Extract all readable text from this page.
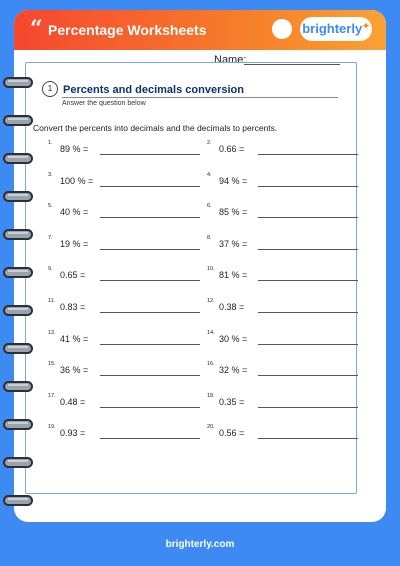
“ Percentage Worksheets	brighterly✦
Name:
1 Percents and decimals conversion
Answer the question below
Convert the percents into decimals and the decimals to percents.
1.
89 % =
2.
0.66 =
3.
100 % =
4.
94 % =
5.
40 % =
6.
85 % =
7.
19 % =
8.
37 % =
9.
0.65 =
10.
81 % =
11.
0.83 =
12.
0.38 =
13.
41 % =
14.
30 % =
15.
36 % =
16.
32 % =
17.
0.48 =
18.
0.35 =
19.
0.93 =
20.
0.56 =
brighterly.com
